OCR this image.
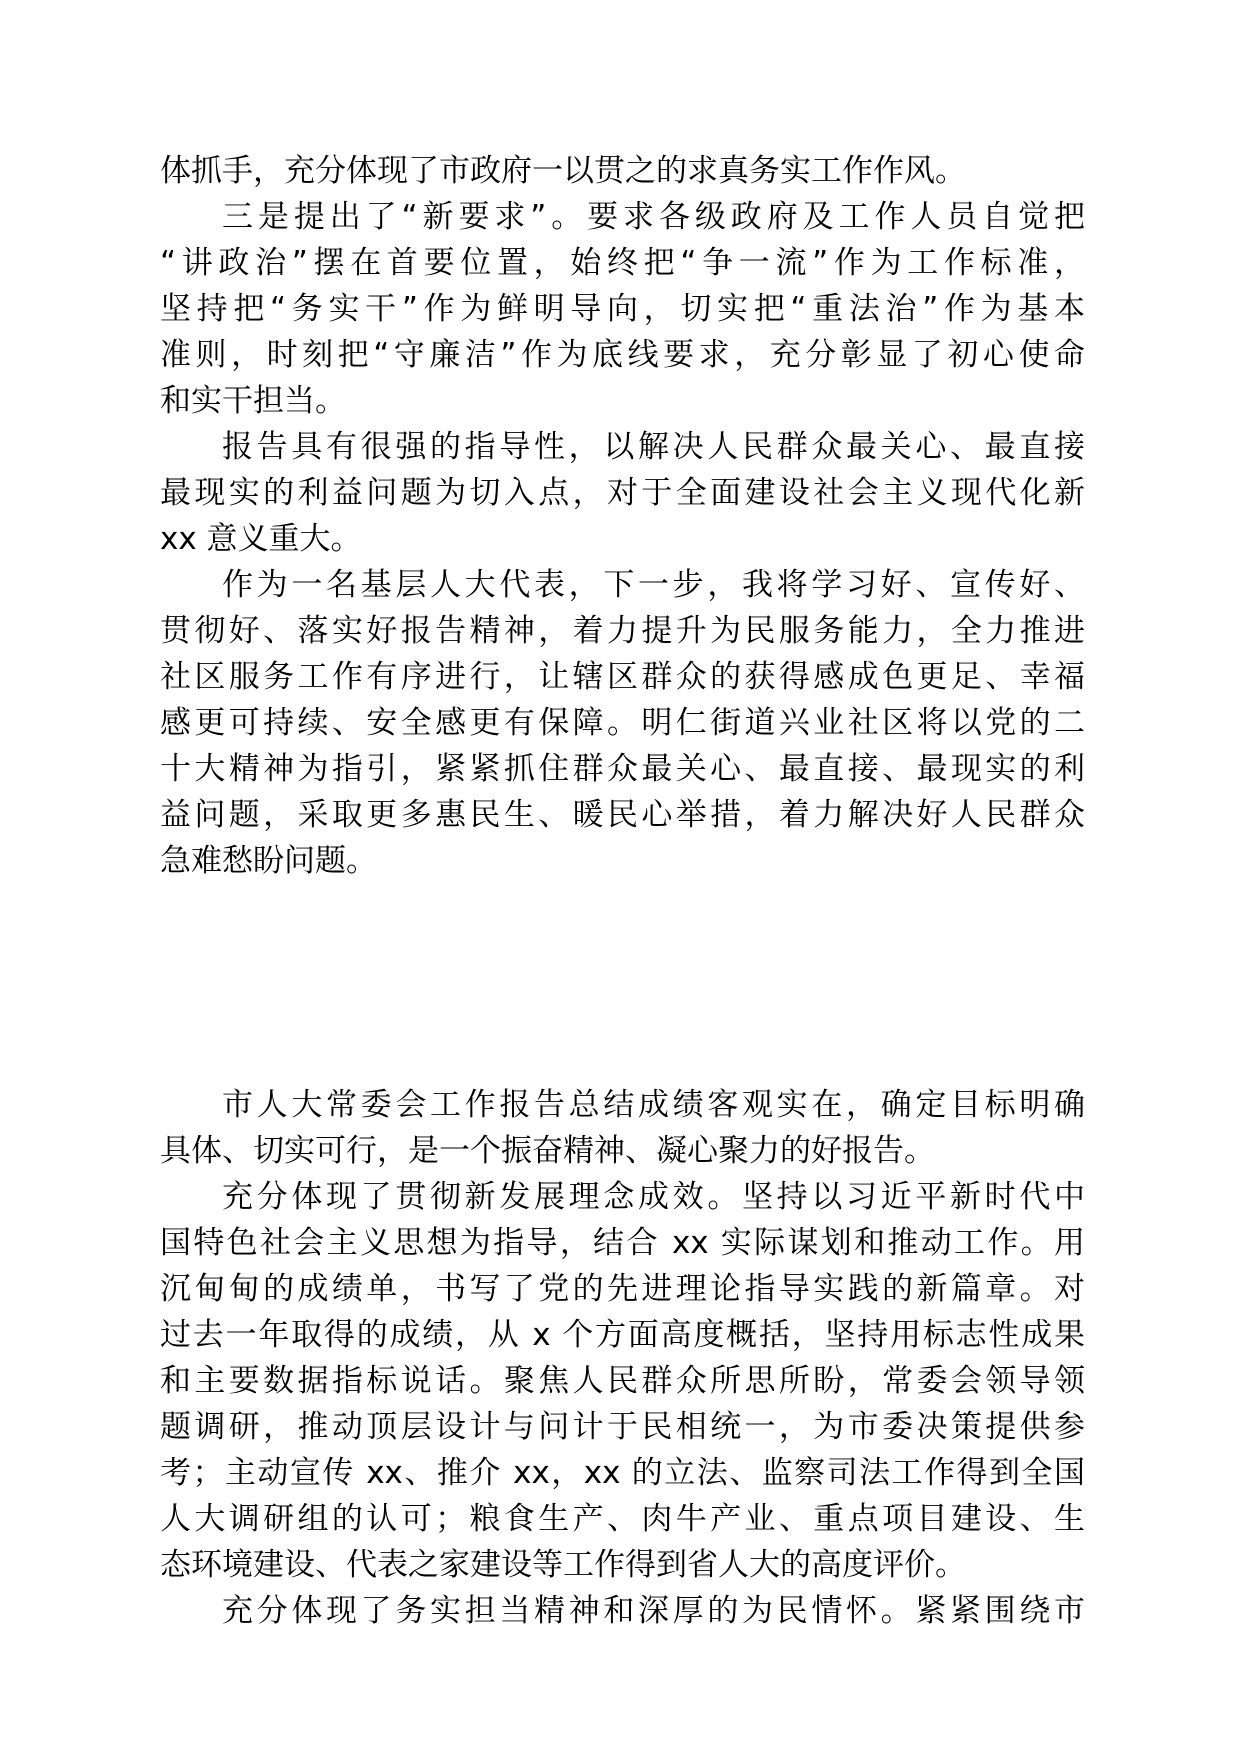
体抓手，充分体现了市政府一以贯之的求真务实工作作风。
三是提出了“新要求”。要求各级政府及工作人员自觉把
“讲政治”摆在首要位置，始终把“争一流”作为工作标准，
坚持把“务实干”作为鲜明导向，切实把“重法治”作为基本
准则，时刻把“守廉洁”作为底线要求，充分彰显了初心使命
和实干担当。
报告具有很强的指导性，以解决人民群众最关心、最直接
最现实的利益问题为切入点，对于全面建设社会主义现代化新
xx 意义重大。
作为一名基层人大代表，下一步，我将学习好、宣传好、
贯彻好、落实好报告精神，着力提升为民服务能力，全力推进
社区服务工作有序进行，让辖区群众的获得感成色更足、幸福
感更可持续、安全感更有保障。明仁街道兴业社区将以党的二
十大精神为指引，紧紧抓住群众最关心、最直接、最现实的利
益问题，采取更多惠民生、暖民心举措，着力解决好人民群众
急难愁盼问题。
市人大常委会工作报告总结成绩客观实在，确定目标明确
具体、切实可行，是一个振奋精神、凝心聚力的好报告。
充分体现了贯彻新发展理念成效。坚持以习近平新时代中
国特色社会主义思想为指导，结合 xx 实际谋划和推动工作。用
沉甸甸的成绩单，书写了党的先进理论指导实践的新篇章。对
过去一年取得的成绩，从 x 个方面高度概括，坚持用标志性成果
和主要数据指标说话。聚焦人民群众所思所盼，常委会领导领
题调研，推动顶层设计与问计于民相统一，为市委决策提供参
考；主动宣传 xx、推介 xx，xx 的立法、监察司法工作得到全国
人大调研组的认可；粮食生产、肉牛产业、重点项目建设、生
态环境建设、代表之家建设等工作得到省人大的高度评价。
充分体现了务实担当精神和深厚的为民情怀。紧紧围绕市
